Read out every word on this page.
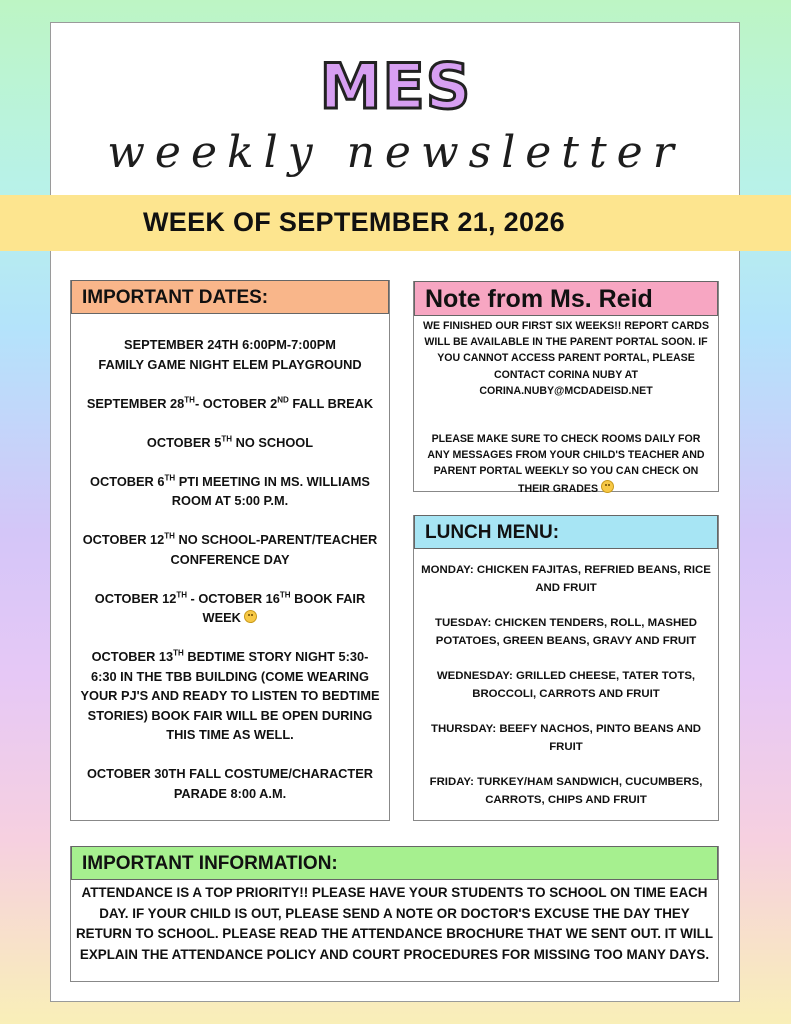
MES
weekly newsletter
WEEK OF SEPTEMBER 21, 2026
IMPORTANT DATES:

SEPTEMBER 24TH 6:00PM-7:00PM

FAMILY GAME NIGHT ELEM PLAYGROUND

SEPTEMBER 28TH- OCTOBER 2ND FALL BREAK

OCTOBER 5TH NO SCHOOL

OCTOBER 6TH PTI MEETING IN MS. WILLIAMS

ROOM AT 5:00 P.M.

OCTOBER 12TH NO SCHOOL-PARENT/TEACHER

CONFERENCE DAY

OCTOBER 12TH - OCTOBER 16TH BOOK FAIR

WEEK

OCTOBER 13TH BEDTIME STORY NIGHT 5:30-

6:30 IN THE TBB BUILDING (COME WEARING

YOUR PJ'S AND READY TO LISTEN TO BEDTIME

STORIES) BOOK FAIR WILL BE OPEN DURING

THIS TIME AS WELL.

OCTOBER 30TH FALL COSTUME/CHARACTER

PARADE 8:00 A.M.

Note from Ms. Reid

WE FINISHED OUR FIRST SIX WEEKS!! REPORT CARDS

WILL BE AVAILABLE IN THE PARENT PORTAL SOON. IF

YOU CANNOT ACCESS PARENT PORTAL, PLEASE

CONTACT CORINA NUBY AT

CORINA.NUBY@MCDADEISD.NET

PLEASE MAKE SURE TO CHECK ROOMS DAILY FOR

ANY MESSAGES FROM YOUR CHILD'S TEACHER AND

PARENT PORTAL WEEKLY SO YOU CAN CHECK ON

THEIR GRADES

LUNCH MENU:

MONDAY: CHICKEN FAJITAS, REFRIED BEANS, RICE AND FRUIT

TUESDAY: CHICKEN TENDERS, ROLL, MASHED POTATOES, GREEN BEANS, GRAVY AND FRUIT

WEDNESDAY: GRILLED CHEESE, TATER TOTS, BROCCOLI, CARROTS AND FRUIT

THURSDAY: BEEFY NACHOS, PINTO BEANS AND FRUIT

FRIDAY: TURKEY/HAM SANDWICH, CUCUMBERS, CARROTS, CHIPS AND FRUIT

IMPORTANT INFORMATION:

ATTENDANCE IS A TOP PRIORITY!! PLEASE HAVE YOUR STUDENTS TO SCHOOL ON TIME EACH DAY. IF YOUR CHILD IS OUT, PLEASE SEND A NOTE OR DOCTOR'S EXCUSE THE DAY THEY RETURN TO SCHOOL. PLEASE READ THE ATTENDANCE BROCHURE THAT WE SENT OUT. IT WILL EXPLAIN THE ATTENDANCE POLICY AND COURT PROCEDURES FOR MISSING TOO MANY DAYS.
